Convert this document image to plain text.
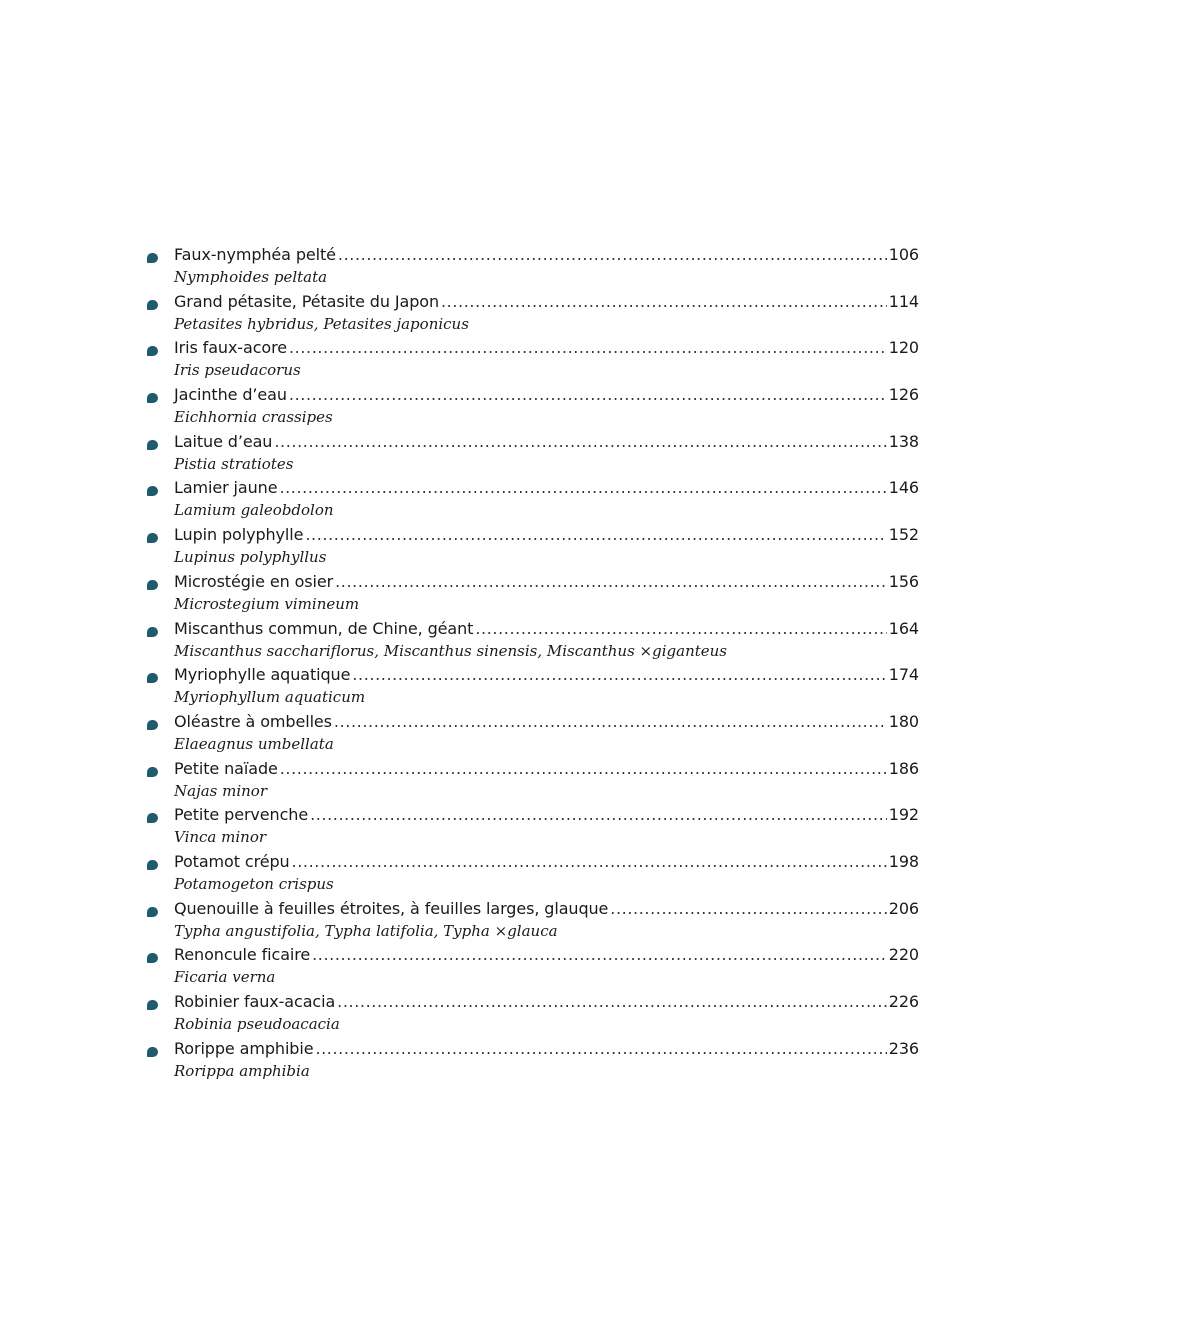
Faux-nymphéa pelté .....	106
Nymphoides peltata
Grand pétasite, Pétasite du Japon .....	114
Petasites hybridus, Petasites japonicus
Iris faux-acore .....	120
Iris pseudacorus
Jacinthe d’eau .....	126
Eichhornia crassipes
Laitue d’eau .....	138
Pistia stratiotes
Lamier jaune .....	146
Lamium galeobdolon
Lupin polyphylle .....	152
Lupinus polyphyllus
Microstégie en osier .....	156
Microstegium vimineum
Miscanthus commun, de Chine, géant .....	164
Miscanthus sacchariflorus, Miscanthus sinensis, Miscanthus ×giganteus
Myriophylle aquatique .....	174
Myriophyllum aquaticum
Oléastre à ombelles .....	180
Elaeagnus umbellata
Petite naïade .....	186
Najas minor
Petite pervenche .....	192
Vinca minor
Potamot crépu .....	198
Potamogeton crispus
Quenouille à feuilles étroites, à feuilles larges, glauque .....	206
Typha angustifolia, Typha latifolia, Typha ×glauca
Renoncule ficaire .....	220
Ficaria verna
Robinier faux-acacia .....	226
Robinia pseudoacacia
Rorippe amphibie .....	236
Rorippa amphibia
